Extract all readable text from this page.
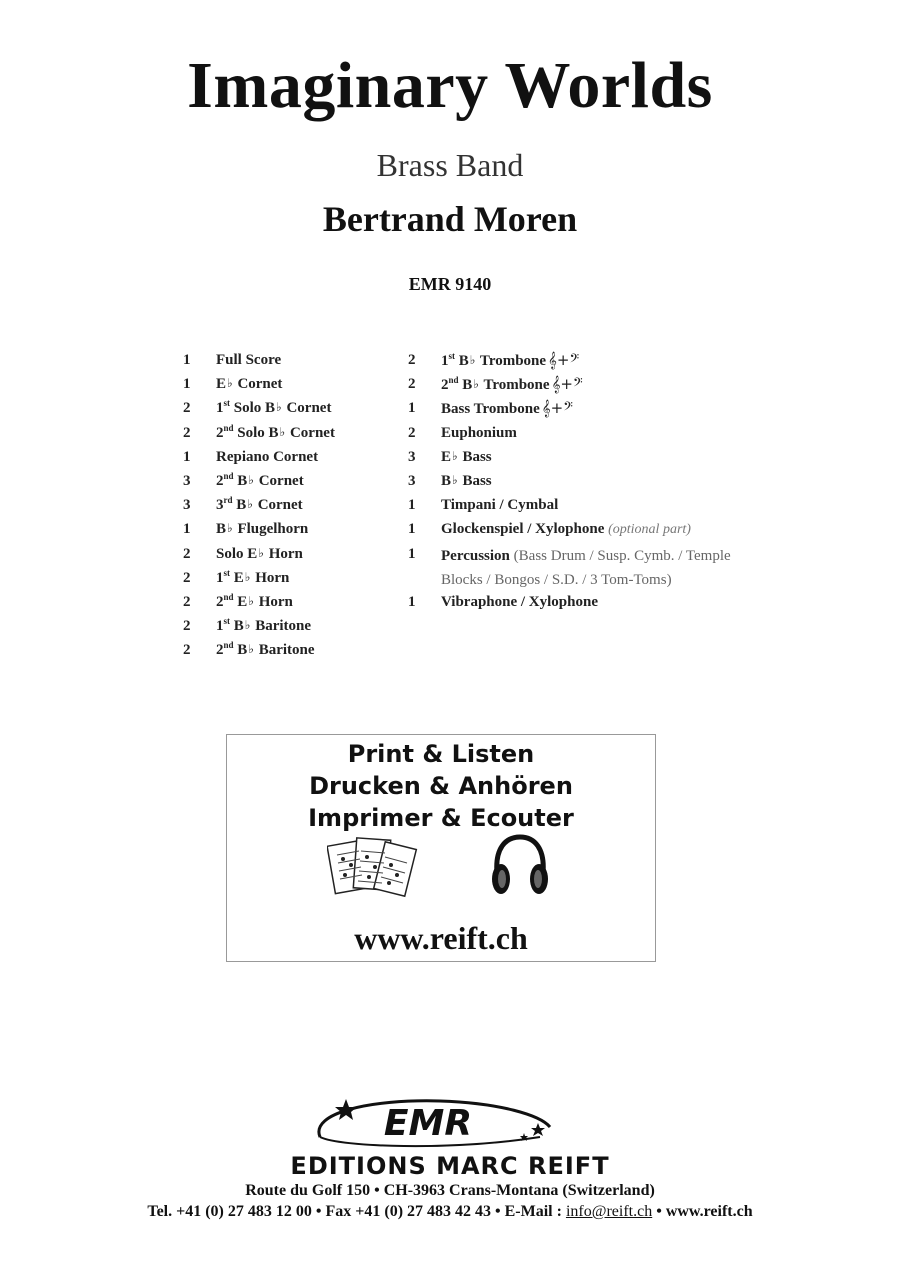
Imaginary Worlds
Brass Band
Bertrand Moren
EMR 9140
1	Full Score
1	E♭ Cornet
2	1st Solo B♭ Cornet
2	2nd Solo B♭ Cornet
1	Repiano Cornet
3	2nd B♭ Cornet
3	3rd B♭ Cornet
1	B♭ Flugelhorn
2	Solo E♭ Horn
2	1st E♭ Horn
2	2nd E♭ Horn
2	1st B♭ Baritone
2	2nd B♭ Baritone
2	1st B♭ Trombone 𝄞+𝄢
2	2nd B♭ Trombone 𝄞+𝄢
1	Bass Trombone 𝄞+𝄢
2	Euphonium
3	E♭ Bass
3	B♭ Bass
1	Timpani / Cymbal
1	Glockenspiel / Xylophone (optional part)
1	Percussion (Bass Drum / Susp. Cymb. / Temple Blocks / Bongos / S.D. / 3 Tom-Toms)
1	Vibraphone / Xylophone
Print & Listen
Drucken & Anhören
Imprimer & Ecouter
www.reift.ch
EMR
EDITIONS MARC REIFT
Route du Golf 150 • CH-3963 Crans-Montana (Switzerland)
Tel. +41 (0) 27 483 12 00 • Fax +41 (0) 27 483 42 43 • E-Mail : info@reift.ch • www.reift.ch
